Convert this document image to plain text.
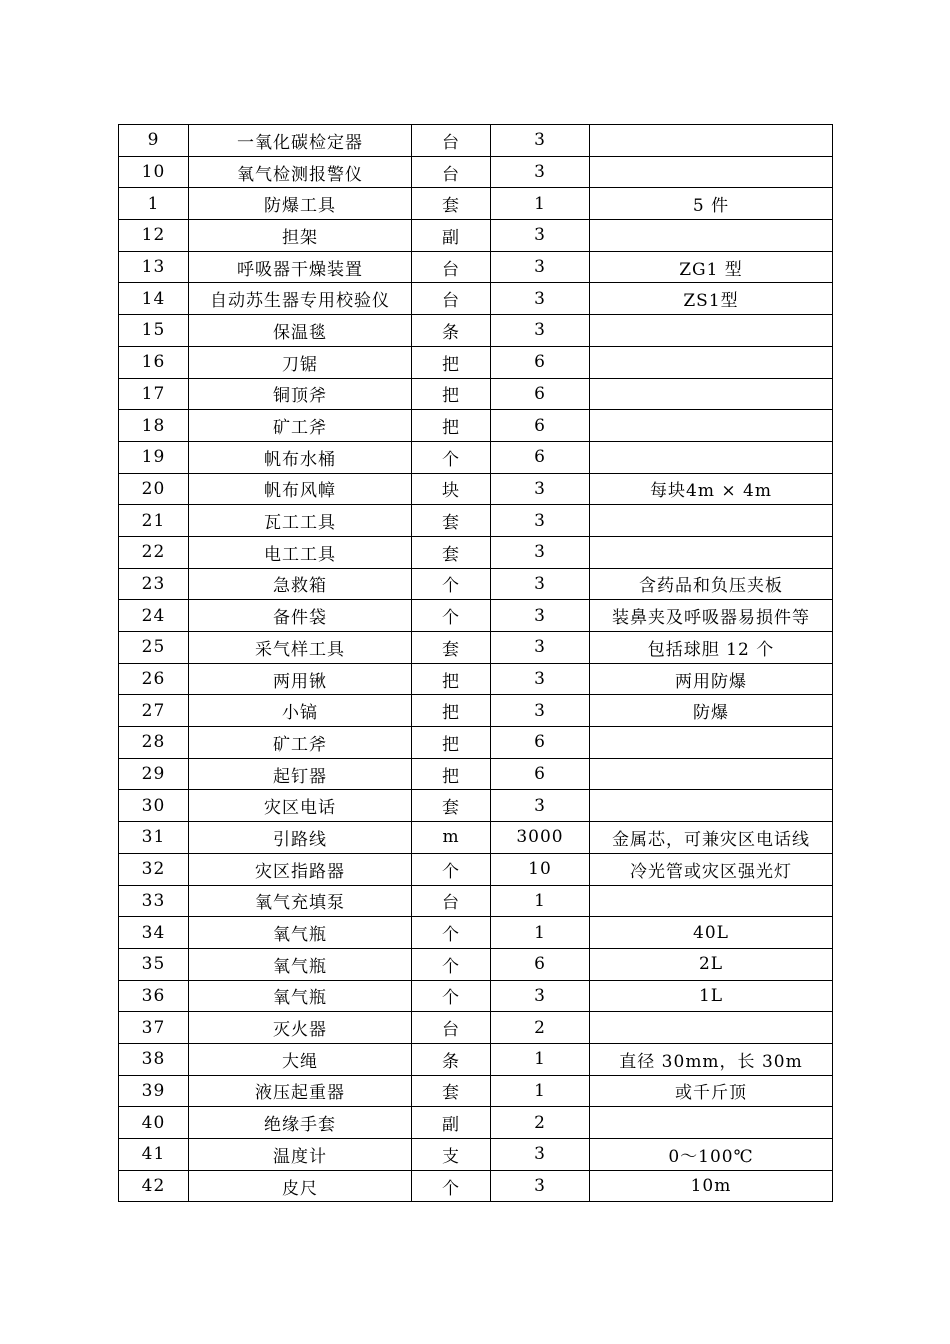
9	一氧化碳检定器	台	3	
10	氧气检测报警仪	台	3	
1	防爆工具	套	1	5 件
12	担架	副	3	
13	呼吸器干燥装置	台	3	ZG1 型
14	自动苏生器专用校验仪	台	3	ZS1型
15	保温毯	条	3	
16	刀锯	把	6	
17	铜顶斧	把	6	
18	矿工斧	把	6	
19	帆布水桶	个	6	
20	帆布风幛	块	3	每块4m × 4m
21	瓦工工具	套	3	
22	电工工具	套	3	
23	急救箱	个	3	含药品和负压夹板
24	备件袋	个	3	装鼻夹及呼吸器易损件等
25	采气样工具	套	3	包括球胆 12 个
26	两用锹	把	3	两用防爆
27	小镐	把	3	防爆
28	矿工斧	把	6	
29	起钉器	把	6	
30	灾区电话	套	3	
31	引路线	m	3000	金属芯，可兼灾区电话线
32	灾区指路器	个	10	冷光管或灾区强光灯
33	氧气充填泵	台	1	
34	氧气瓶	个	1	40L
35	氧气瓶	个	6	2L
36	氧气瓶	个	3	1L
37	灭火器	台	2	
38	大绳	条	1	直径 30mm，长 30m
39	液压起重器	套	1	或千斤顶
40	绝缘手套	副	2	
41	温度计	支	3	0～100℃
42	皮尺	个	3	10m
